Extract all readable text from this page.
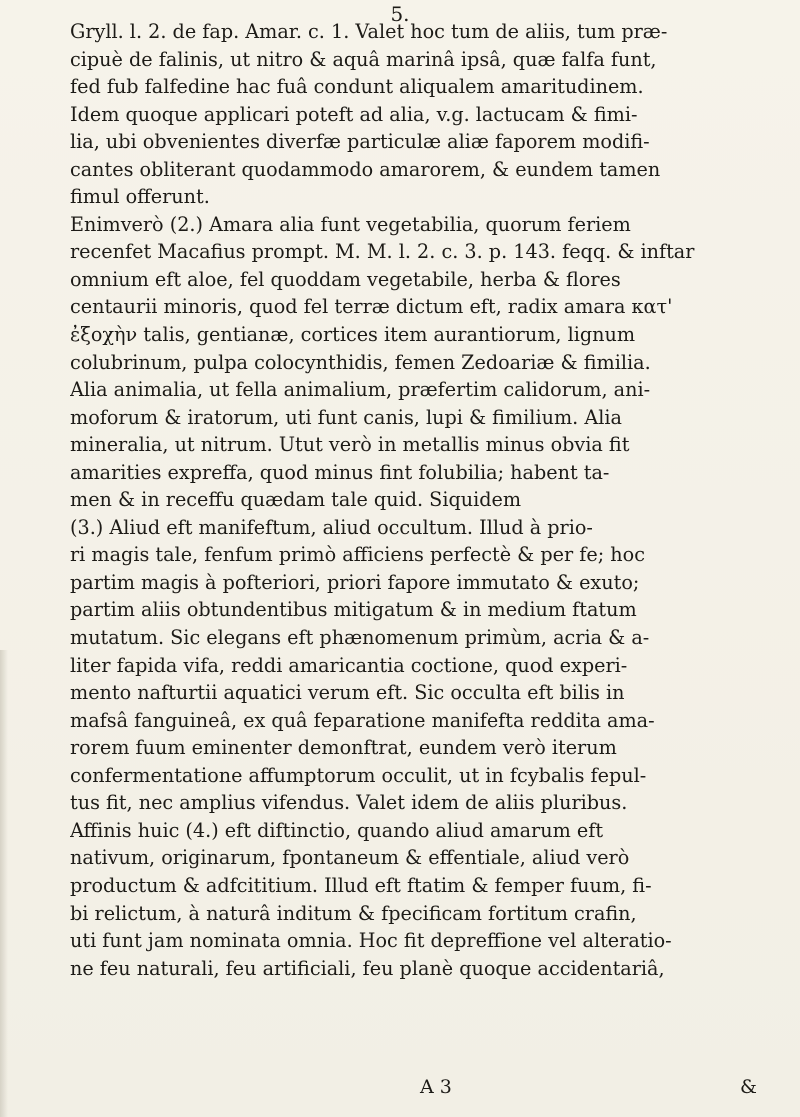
5.
Gryll. l. 2. de fap. Amar. c. 1. Valet hoc tum de aliis, tum præ-
cipuè de falinis, ut nitro & aquâ marinâ ipsâ, quæ falfa funt,
fed fub falfedine hac fuâ condunt aliqualem amaritudinem.
Idem quoque applicari poteft ad alia, v.g. lactucam & fimi-
lia, ubi obvenientes diverfæ particulæ aliæ faporem modifi-
cantes obliterant quodammodo amarorem, & eundem tamen
fimul offerunt.
Enimverò (2.) Amara alia funt vegetabilia, quorum feriem
recenfet Macafius prompt. M. M. l. 2. c. 3. p. 143. feqq. & inftar
omnium eft aloe, fel quoddam vegetabile, herba & flores
centaurii minoris, quod fel terræ dictum eft, radix amara κατ'
ἐξοχὴν talis, gentianæ, cortices item aurantiorum, lignum
colubrinum, pulpa colocynthidis, femen Zedoariæ & fimilia.
Alia animalia, ut fella animalium, præfertim calidorum, ani-
moforum & iratorum, uti funt canis, lupi & fimilium. Alia
mineralia, ut nitrum. Utut verò in metallis minus obvia fit
amarities expreffa, quod minus fint folubilia; habent ta-
men & in receffu quædam tale quid. Siquidem
(3.) Aliud eft manifeftum, aliud occultum. Illud à prio-
ri magis tale, fenfum primò afficiens perfectè & per fe; hoc
partim magis à pofteriori, priori fapore immutato & exuto;
partim aliis obtundentibus mitigatum & in medium ftatum
mutatum. Sic elegans eft phænomenum primùm, acria & a-
liter fapida vifa, reddi amaricantia coctione, quod experi-
mento nafturtii aquatici verum eft. Sic occulta eft bilis in
mafsâ fanguineâ, ex quâ feparatione manifefta reddita ama-
rorem fuum eminenter demonftrat, eundem verò iterum
confermentatione affumptorum occulit, ut in fcybalis fepul-
tus fit, nec amplius vifendus. Valet idem de aliis pluribus.
Affinis huic (4.) eft diftinctio, quando aliud amarum eft
nativum, originarum, fpontaneum & effentiale, aliud verò
productum & adfcititium. Illud eft ftatim & femper fuum, fi-
bi relictum, à naturâ inditum & fpecificam fortitum crafin,
uti funt jam nominata omnia. Hoc fit depreffione vel alteratio-
ne feu naturali, feu artificiali, feu planè quoque accidentariâ,
A 3	&
